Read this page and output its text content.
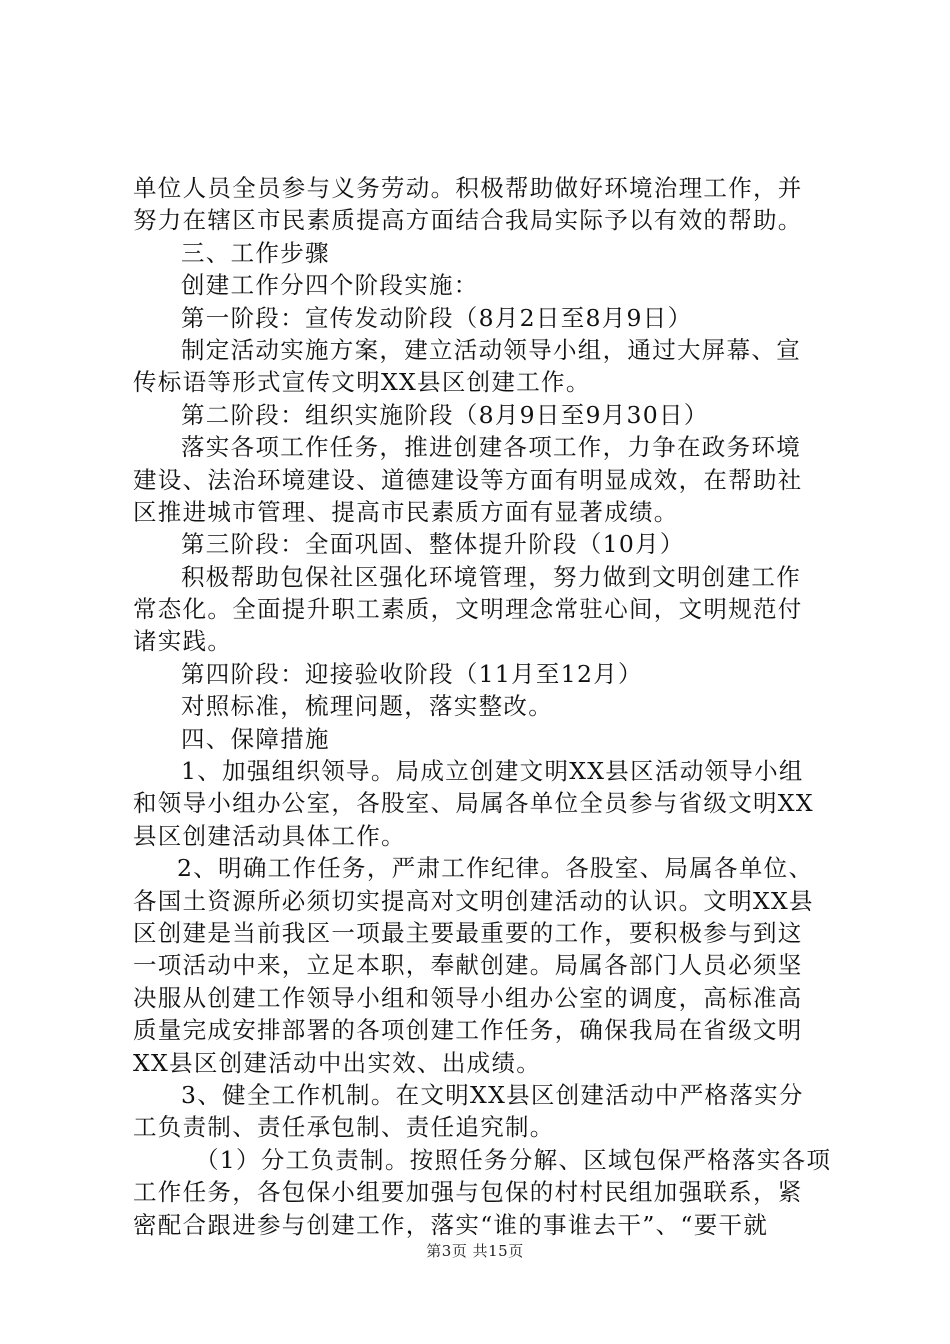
单位人员全员参与义务劳动。积极帮助做好环境治理工作，并
努力在辖区市民素质提高方面结合我局实际予以有效的帮助。
三、工作步骤
创建工作分四个阶段实施：
第一阶段：宣传发动阶段（8月2日至8月9日）
制定活动实施方案，建立活动领导小组，通过大屏幕、宣
传标语等形式宣传文明XX县区创建工作。
第二阶段：组织实施阶段（8月9日至9月30日）
落实各项工作任务，推进创建各项工作，力争在政务环境
建设、法治环境建设、道德建设等方面有明显成效，在帮助社
区推进城市管理、提高市民素质方面有显著成绩。
第三阶段：全面巩固、整体提升阶段（10月）
积极帮助包保社区强化环境管理，努力做到文明创建工作
常态化。全面提升职工素质，文明理念常驻心间，文明规范付
诸实践。
第四阶段：迎接验收阶段（11月至12月）
对照标准，梳理问题，落实整改。
四、保障措施
1、加强组织领导。局成立创建文明XX县区活动领导小组
和领导小组办公室，各股室、局属各单位全员参与省级文明XX
县区创建活动具体工作。
2、明确工作任务，严肃工作纪律。各股室、局属各单位、
各国土资源所必须切实提高对文明创建活动的认识。文明XX县
区创建是当前我区一项最主要最重要的工作，要积极参与到这
一项活动中来，立足本职，奉献创建。局属各部门人员必须坚
决服从创建工作领导小组和领导小组办公室的调度，高标准高
质量完成安排部署的各项创建工作任务，确保我局在省级文明
XX县区创建活动中出实效、出成绩。
3、健全工作机制。在文明XX县区创建活动中严格落实分
工负责制、责任承包制、责任追究制。
（1）分工负责制。按照任务分解、区域包保严格落实各项
工作任务，各包保小组要加强与包保的村村民组加强联系，紧
密配合跟进参与创建工作，落实“谁的事谁去干”、“要干就
第3页 共15页
